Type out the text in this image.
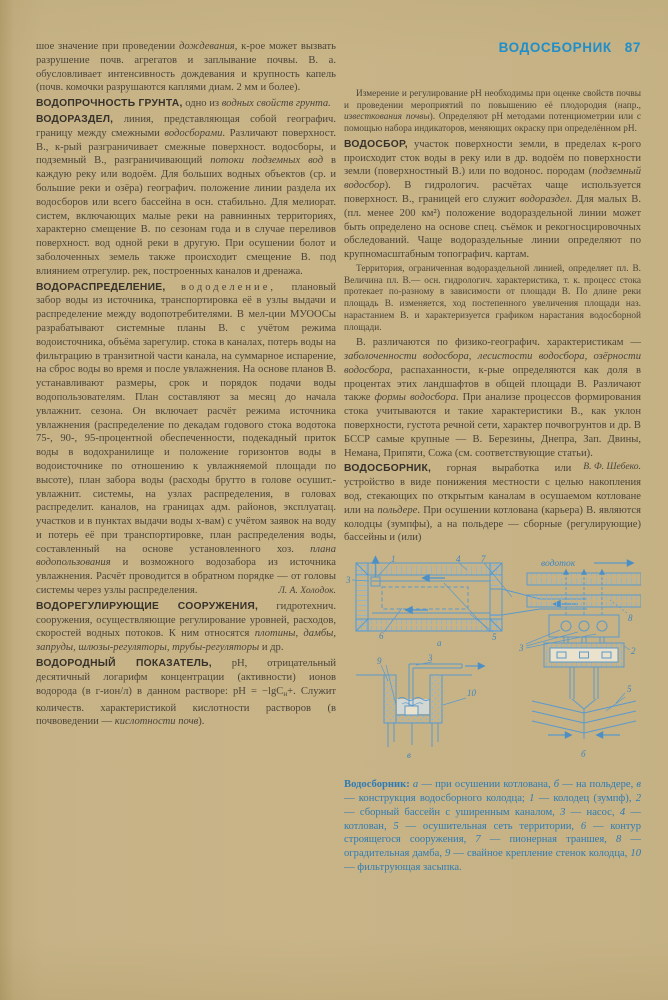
шое значение при проведении дождевания, к-рое может вызвать разрушение почв. агрегатов и заплывание почвы. В. а. обусловливает интенсивность дождевания и крупность капель (почв. комочки разрушаются каплями диам. 2 мм и более).

ВОДОПРОЧНОСТЬ ГРУНТА, одно из водных свойств грунта.

ВОДОРАЗДЕЛ, линия, представляющая собой географич. границу между смежными водосборами. Различают поверхност. В., к-рый разграничивает смежные поверхност. водосборы, и подземный В., разграничивающий потоки подземных вод в каждую реку или водоём. Для больших водных объектов (ср. и большие реки и озёра) географич. положение линии раздела их водосборов или всего бассейна в осн. стабильно. Для мелиорат. систем, включающих малые реки на равнинных территориях, характерно смещение В. по сезонам года и в случае переливов поверхност. вод одной реки в другую. При осушении болот и заболоченных земель также происходит смещение В. под влиянием отрегулир. рек, построенных каналов и дренажа.

ВОДОРАСПРЕДЕЛЕНИЕ, вододеление, плановый забор воды из источника, транспортировка её в узлы выдачи и распределение между водопотребителями. В мел-ции МУООСы разрабатывают системные планы В. с учётом режима водоисточника, объёма зарегулир. стока в каналах, потерь воды на фильтрацию в транзитной части канала, на суммарное испарение, на сброс воды во время и после увлажнения. На основе планов В. устанавливают размеры, срок и порядок подачи воды водопользователям. План составляют за месяц до начала увлажнит. сезона. Он включает расчёт режима источника увлажнения (распределение по декадам годового стока водотока 75-, 90-, 95-процентной обеспеченности, подекадный приток воды в водохранилище и положение горизонтов воды в водоисточнике по отношению к увлажняемой площади по высоте), план забора воды (расходы брутто в голове осушит.-увлажнит. системы, на узлах распределения, в головах распределит. каналов, на границах адм. районов, эксплуатац. участков и в пунктах выдачи воды х-вам) с учётом заявок на воду и потерь её при транспортировке, план распределения воды, составленный на основе установленного хоз. плана водопользования и возможного водозабора из источника увлажнения. Расчёт проводится в обратном порядке — от головы системы через узлы распределения.	Л. А. Холодок.

ВОДОРЕГУЛИРУЮЩИЕ СООРУЖЕНИЯ, гидротехнич. сооружения, осуществляющие регулирование уровней, расходов, скоростей водных потоков. К ним относятся плотины, дамбы, запруды, шлюзы-регуляторы, трубы-регуляторы и др.

ВОДОРОДНЫЙ ПОКАЗАТЕЛЬ, pH, отрицательный десятичный логарифм концентрации (активности) ионов водорода (в г-ион/л) в данном растворе: pH = −lgC$_н$+. Служит количеств. характеристикой кислотности растворов (в почвоведении — кислотности почв).

ВОДОСБОРНИК 87

Измерение и регулирование pH необходимы при оценке свойств почвы и проведении мероприятий по повышению её плодородия (напр., известкования почвы). Определяют pH методами потенциометрии или с помощью набора индикаторов, меняющих окраску при определённом pH.

ВОДОСБОР, участок поверхности земли, в пределах к-рого происходит сток воды в реку или в др. водоём по поверхности земли (поверхностный В.) или по водонос. породам (подземный водосбор). В гидрологич. расчётах чаще используется поверхност. В., границей его служит водораздел. Для малых В. (пл. менее 200 км²) положение водораздельной линии может быть определено на основе спец. съёмок и рекогносцировочных обследований. Чаще водораздельные линии определяют по крупномасштабным топографич. картам.

Территория, ограниченная водораздельной линией, определяет пл. В. Величина пл. В.— осн. гидрологич. характеристика, т. к. процесс стока протекает по-разному в зависимости от площади В. По длине реки площадь В. изменяется, ход постепенного увеличения площади наз. нарастанием В. и характеризуется графиком нарастания водосборной площади.

В. различаются по физико-географич. характеристикам — заболоченности водосбора, лесистости водосбора, озёрности водосбора, распаханности, к-рые определяются как доля в процентах этих ландшафтов в общей площади В. Различают также формы водосбора. При анализе процессов формирования стока учитываются и такие характеристики В., как уклон поверхности, густота речной сети, характер почвогрунтов и др. В БССР самые крупные — В. Березины, Днепра, Зап. Двины, Немана, Припяти, Сожа (см. соответствующие статьи).
В. Ф. Шебеко.

ВОДОСБОРНИК, горная выработка или устройство в виде понижения местности с целью накопления вод, стекающих по открытым каналам в осушаемом котловане или на польдере. При осушении котлована (карьера) В. являются колодцы (зумпфы), а на польдере — сборные (регулирующие) бассейны и (или)

1
3
4 7
6	5
а
водоток
8
3	2
5
б
9	3
10
в

Водосборник: а — при осушении котлована, б — на польдере, в — конструкция водосборного колодца; 1 — колодец (зумпф), 2 — сборный бассейн с уширенным каналом, 3 — насос, 4 — котлован, 5 — осушительная сеть территории, 6 — контур строящегося сооружения, 7 — пионерная траншея, 8 — оградительная дамба, 9 — свайное крепление стенок колодца, 10 — фильтрующая засыпка.
